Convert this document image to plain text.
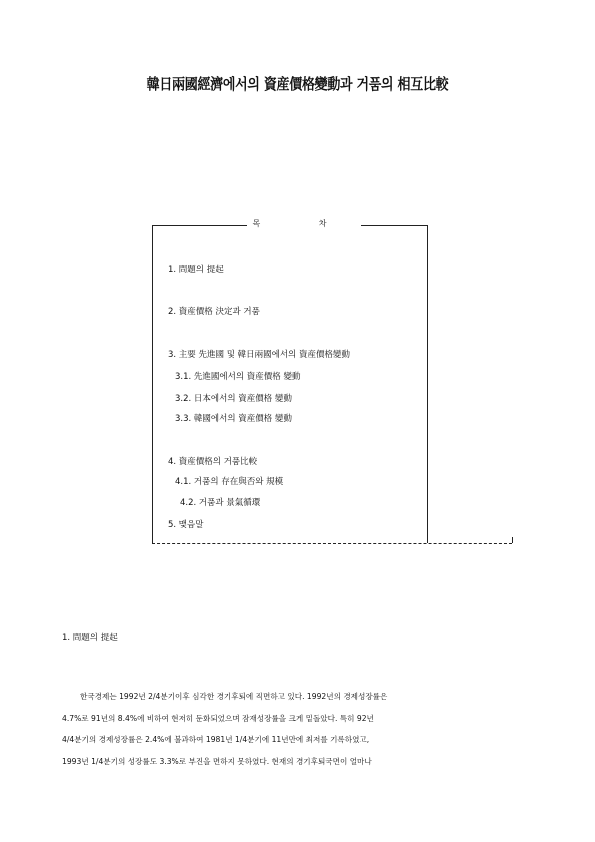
韓日兩國經濟에서의 資産價格變動과 거품의 相互比較
목 차
1. 問題의 提起
2. 資産價格 決定과 거품
3. 主要 先進國 및 韓日兩國에서의 資産價格變動
3.1. 先進國에서의 資産價格 變動
3.2. 日本에서의 資産價格 變動
3.3. 韓國에서의 資産價格 變動
4. 資産價格의 거품比較
4.1. 거품의 存在與否와 規模
4.2. 거품과 景氣循環
5. 맺음말
1. 問題의 提起

한국경제는 1992년 2/4분기이후 심각한 경기후퇴에 직면하고 있다. 1992년의 경제성장률은
4.7%로 91년의 8.4%에 비하여 현저히 둔화되었으며 잠재성장률을 크게 밑돌았다. 특히 92년
4/4분기의 경제성장률은 2.4%에 불과하여 1981년 1/4분기에 11년만에 최저를 기록하였고,
1993년 1/4분기의 성장률도 3.3%로 부진을 면하지 못하였다. 현재의 경기후퇴국면이 얼마나
